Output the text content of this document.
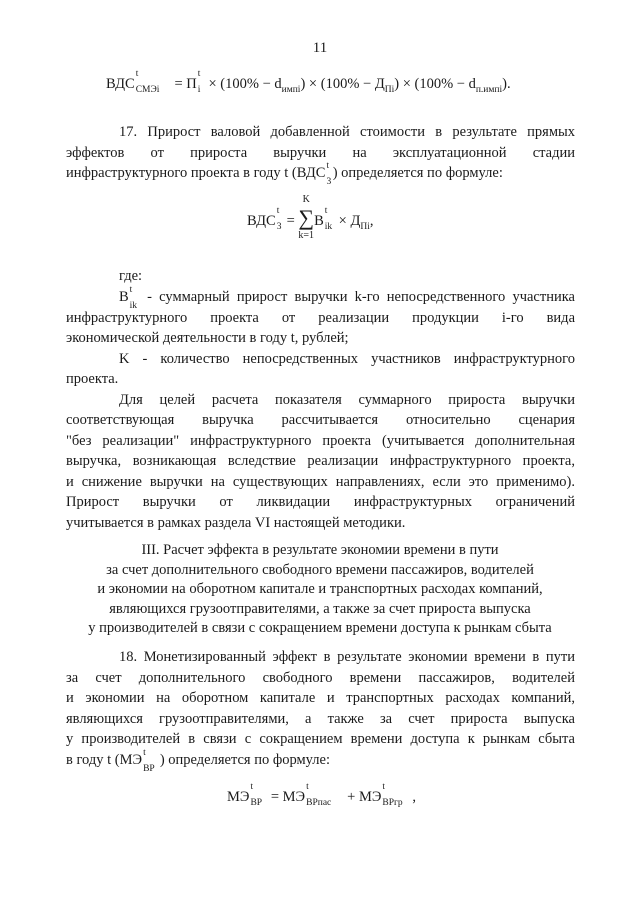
11
ВДС
t
СМЭi = П
t
$i \times (100\% - d_{импi}) \times (100\% - Д_{Пi}) \times (100\% - d_{п.импi})$.
17. Прирост валовой добавленной стоимости в результате прямых
эффектов от прироста выручки на эксплуатационной стадии
инфраструктурного проекта в году t (ВДС t
3
) определяется по формуле:
ВДС
t
3 =
K
∑
k=1
B
t
ik × $Д_{Пi}$,
где:
B t
ik
- суммарный прирост выручки k-го непосредственного участника
инфраструктурного проекта от реализации продукции i-го вида
экономической деятельности в году t, рублей;
K - количество непосредственных участников инфраструктурного
проекта.
Для целей расчета показателя суммарного прироста выручки
соответствующая выручка рассчитывается относительно сценария
"без реализации" инфраструктурного проекта (учитывается дополнительная
выручка, возникающая вследствие реализации инфраструктурного проекта,
и снижение выручки на существующих направлениях, если это применимо).
Прирост выручки от ликвидации инфраструктурных ограничений
учитывается в рамках раздела VI настоящей методики.
III. Расчет эффекта в результате экономии времени в пути
за счет дополнительного свободного времени пассажиров, водителей
и экономии на оборотном капитале и транспортных расходах компаний,
являющихся грузоотправителями, а также за счет прироста выпуска
у производителей в связи с сокращением времени доступа к рынкам сбыта
18. Монетизированный эффект в результате экономии времени в пути
за счет дополнительного свободного времени пассажиров, водителей
и экономии на оборотном капитале и транспортных расходах компаний,
являющихся грузоотправителями, а также за счет прироста выпуска
у производителей в связи с сокращением времени доступа к рынкам сбыта
в году t (МЭ t
ВР
) определяется по формуле:
МЭ
t
ВР = МЭ
t
ВРпас + МЭ
t
ВРгр ,
